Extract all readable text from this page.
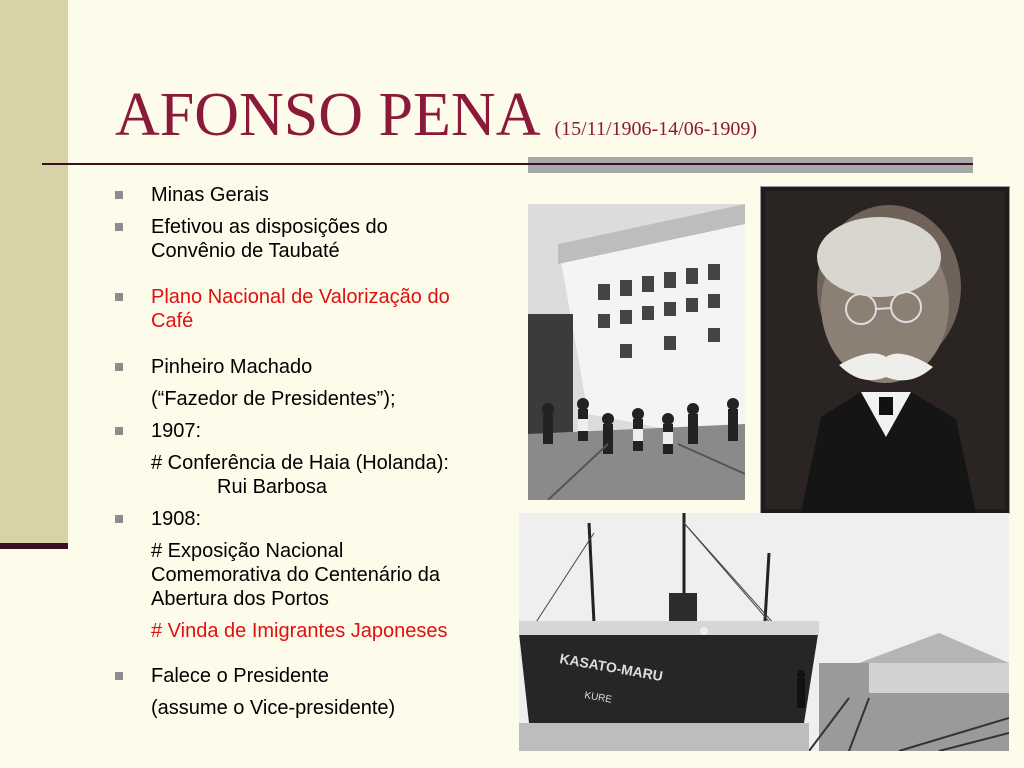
AFONSO PENA (15/11/1906-14/06-1909)
Minas Gerais
Efetivou as disposições do
Convênio de Taubaté
Plano Nacional de Valorização do
Café
Pinheiro Machado
(“Fazedor de Presidentes”);
1907:
# Conferência de Haia (Holanda):
Rui Barbosa
1908:
# Exposição Nacional
Comemorativa do Centenário da
Abertura dos Portos
# Vinda de Imigrantes Japoneses
Falece o Presidente
(assume o Vice-presidente)
KASATO-MARU
KURE
